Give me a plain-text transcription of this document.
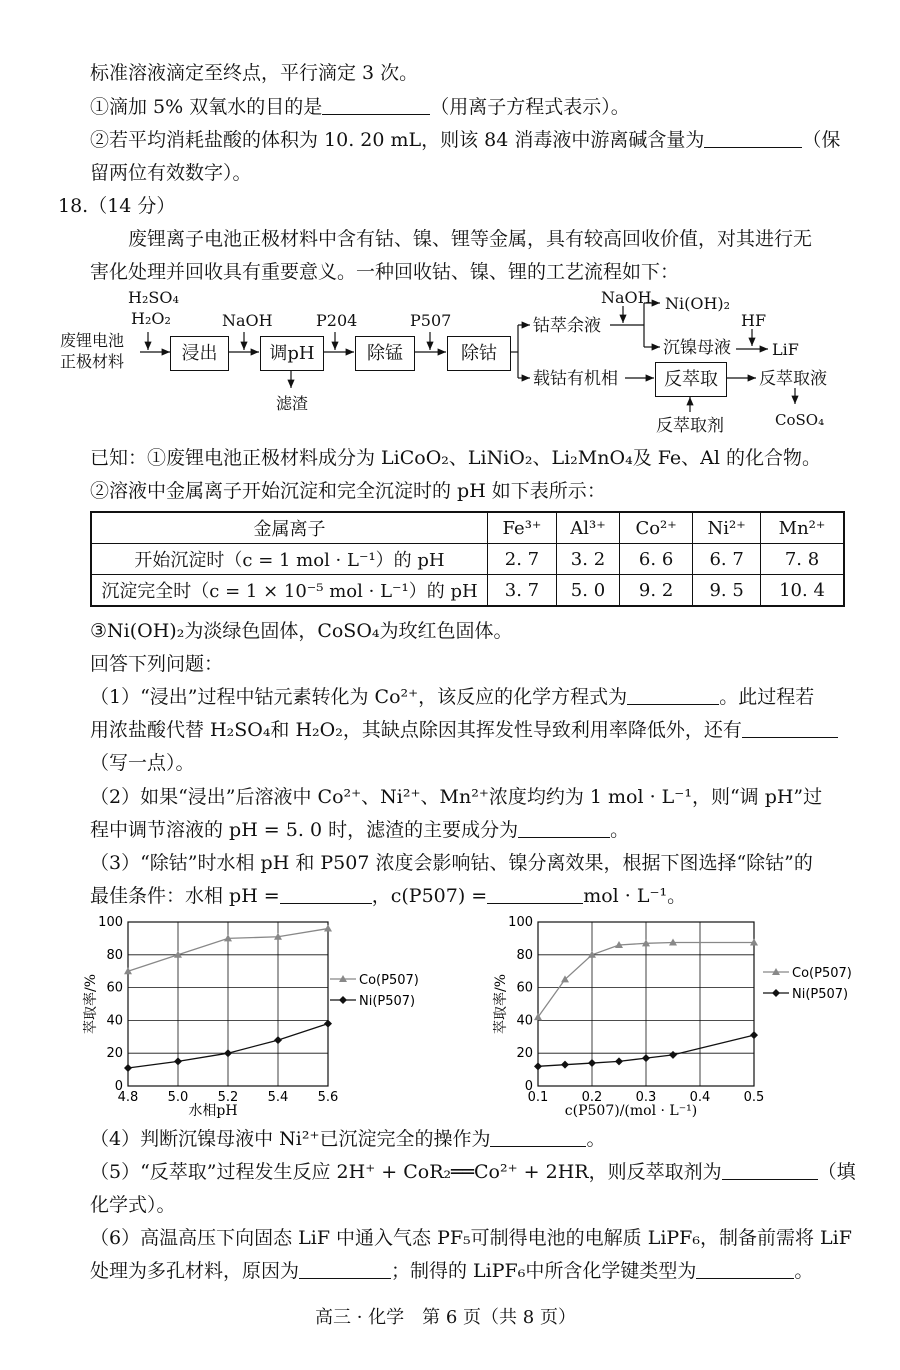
标准溶液滴定至终点，平行滴定 3 次。
①滴加 5% 双氧水的目的是	（用离子方程式表示）。
②若平均消耗盐酸的体积为 10. 20 mL，则该 84 消毒液中游离碱含量为	（保
留两位有效数字）。
18.（14 分）
废锂离子电池正极材料中含有钴、镍、锂等金属，具有较高回收价值，对其进行无
害化处理并回收具有重要意义。一种回收钴、镍、锂的工艺流程如下：
H₂SO₄
H₂O₂
废锂电池
正极材料	浸出
NaOH
调pH
滤渣
P204
除锰
P507
除钴
钴萃余液
NaOH Ni(OH)₂
HF
沉镍母液	LiF
载钴有机相	反萃取	反萃取液
反萃取剂	CoSO₄
已知：①废锂电池正极材料成分为 LiCoO₂、LiNiO₂、Li₂MnO₄及 Fe、Al 的化合物。
②溶液中金属离子开始沉淀和完全沉淀时的 pH 如下表所示：
金属离子	Fe³⁺	Al³⁺	Co²⁺	Ni²⁺	Mn²⁺
开始沉淀时（c = 1 mol · L⁻¹）的 pH	2. 7	3. 2	6. 6	6. 7	7. 8
沉淀完全时（c = 1 × 10⁻⁵ mol · L⁻¹）的 pH	3. 7	5. 0	9. 2	9. 5	10. 4
③Ni(OH)₂为淡绿色固体，CoSO₄为玫红色固体。
回答下列问题：
（1）“浸出”过程中钴元素转化为 Co²⁺，该反应的化学方程式为	。此过程若
用浓盐酸代替 H₂SO₄和 H₂O₂，其缺点除因其挥发性导致利用率降低外，还有
（写一点）。
（2）如果“浸出”后溶液中 Co²⁺、Ni²⁺、Mn²⁺浓度均约为 1 mol · L⁻¹，则“调 pH”过
程中调节溶液的 pH = 5. 0 时，滤渣的主要成分为	。
（3）“除钴”时水相 pH 和 P507 浓度会影响钴、镍分离效果，根据下图选择“除钴”的
最佳条件：水相 pH =	，c(P507) =	mol · L⁻¹。
4.8 5.0 5.2 5.4 5.6
0
20
40
60
80
100
水相pH
萃取率/%	Co(P507)
Ni(P507)
0.1	0.2	0.3	0.4	0.5
0
20
40
60
80
100
c(P507)/(mol · L⁻¹)
萃取率/%
Co(P507)
Ni(P507)
（4）判断沉镍母液中 Ni²⁺已沉淀完全的操作为	。
（5）“反萃取”过程发生反应 2H⁺ + CoR₂══Co²⁺ + 2HR，则反萃取剂为	（填
化学式）。
（6）高温高压下向固态 LiF 中通入气态 PF₅可制得电池的电解质 LiPF₆，制备前需将 LiF
处理为多孔材料，原因为	；制得的 LiPF₆中所含化学键类型为	。
高三 · 化学　第 6 页（共 8 页）
